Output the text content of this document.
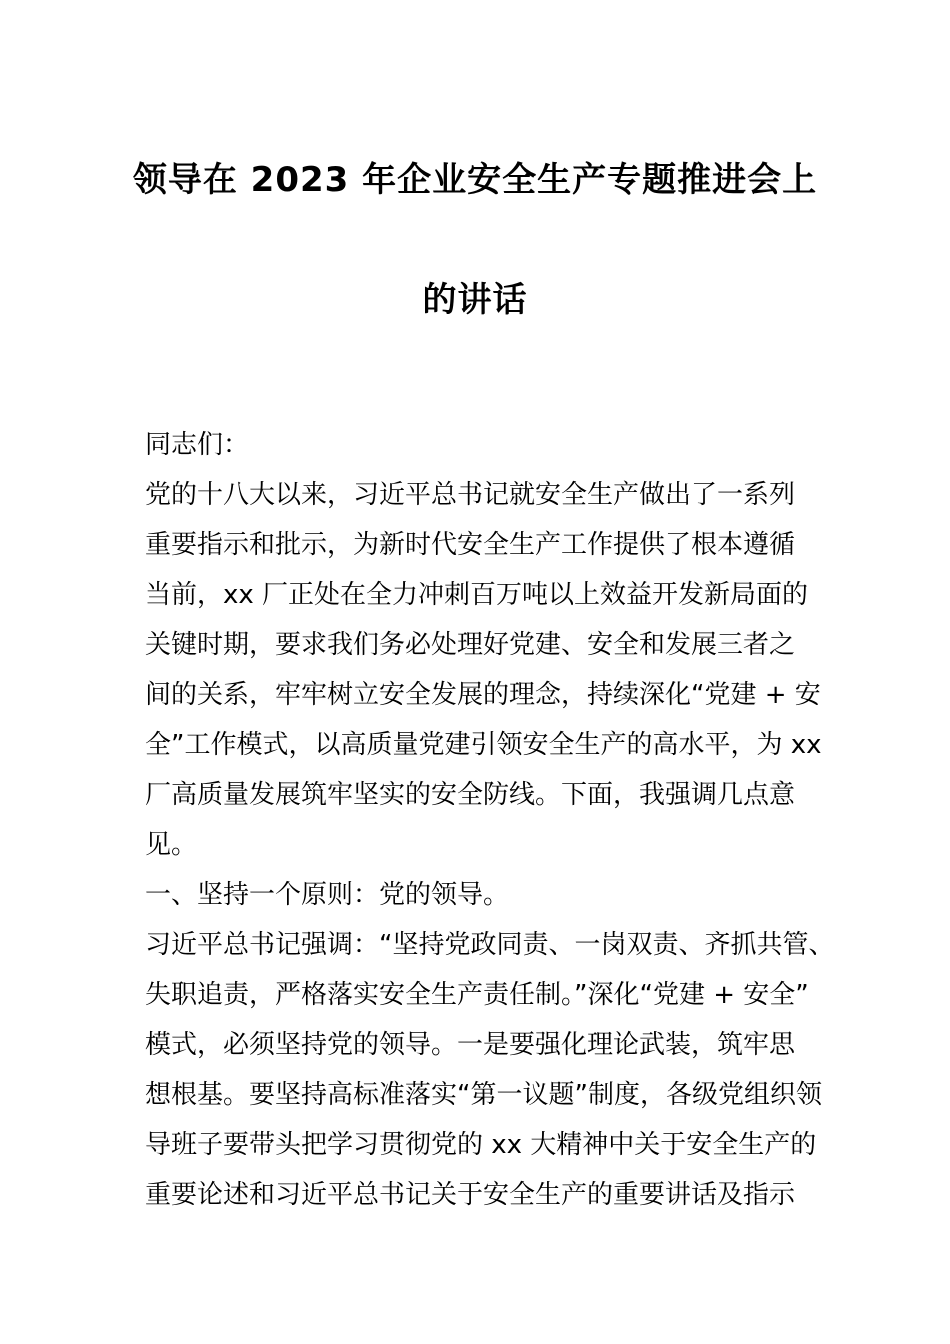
领导在 2023 年企业安全生产专题推进会上
的讲话
同志们：
党的十八大以来，习近平总书记就安全生产做出了一系列
重要指示和批示，为新时代安全生产工作提供了根本遵循
当前，xx 厂正处在全力冲刺百万吨以上效益开发新局面的
关键时期，要求我们务必处理好党建、安全和发展三者之
间的关系，牢牢树立安全发展的理念，持续深化“党建 + 安
全”工作模式，以高质量党建引领安全生产的高水平，为 xx
厂高质量发展筑牢坚实的安全防线。下面，我强调几点意
见。
一、坚持一个原则：党的领导。
习近平总书记强调：“坚持党政同责、一岗双责、齐抓共管、
失职追责，严格落实安全生产责任制。”深化“党建 + 安全”
模式，必须坚持党的领导。一是要强化理论武装，筑牢思
想根基。要坚持高标准落实“第一议题”制度，各级党组织领
导班子要带头把学习贯彻党的 xx 大精神中关于安全生产的
重要论述和习近平总书记关于安全生产的重要讲话及指示
